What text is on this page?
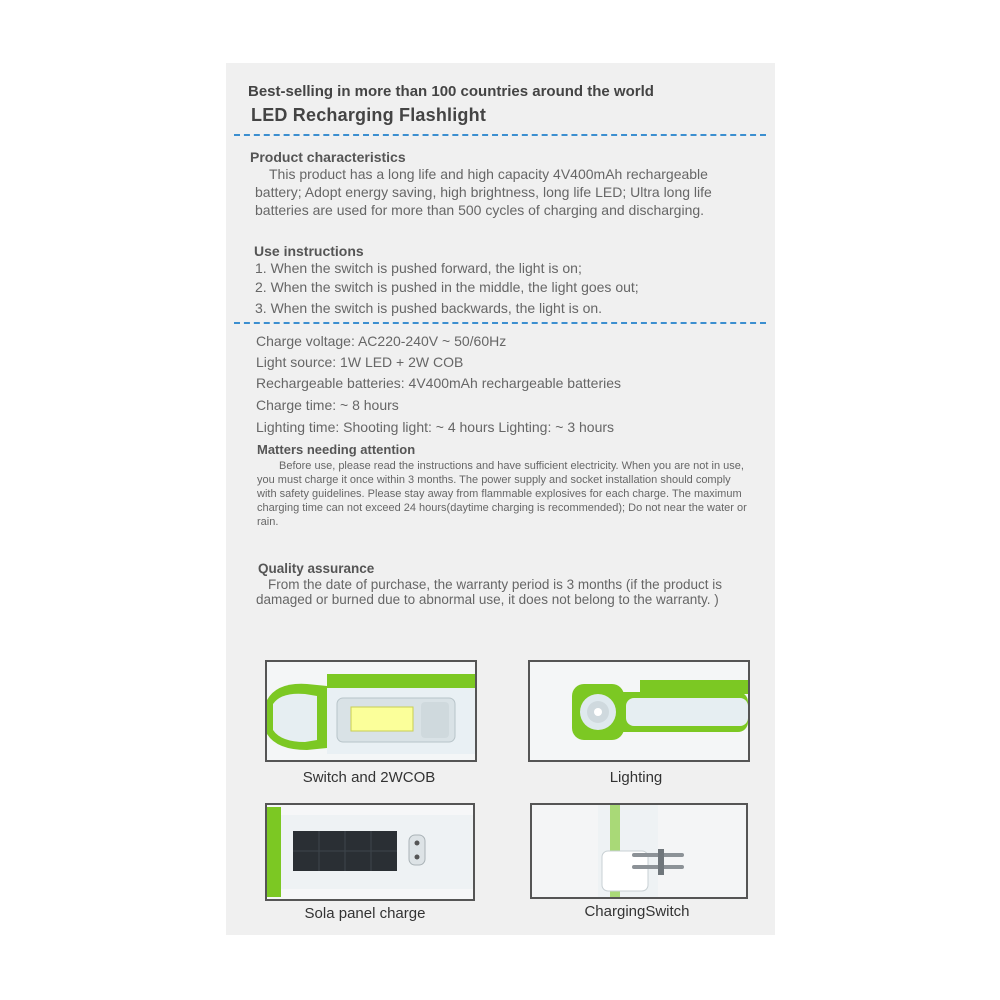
Best-selling in more than 100 countries around the world
LED Recharging Flashlight
Product characteristics
This product has a long life and high capacity 4V400mAh rechargeable battery; Adopt energy saving, high brightness, long life LED; Ultra long life batteries are used for more than 500 cycles of charging and discharging.
Use instructions
1. When the switch is pushed forward, the light is on;
2. When the switch is pushed in the middle, the light goes out;
3. When the switch is pushed backwards, the light is on.
Charge voltage: AC220-240V ~ 50/60Hz
Light source: 1W LED + 2W COB
Rechargeable batteries: 4V400mAh rechargeable batteries
Charge time: ~ 8 hours
Lighting time: Shooting light: ~ 4 hours Lighting: ~ 3 hours
Matters needing attention
Before use, please read the instructions and have sufficient electricity. When you are not in use, you must charge it once within 3 months. The power supply and socket installation should comply with safety guidelines. Please stay away from flammable explosives for each charge. The maximum charging time can not exceed 24 hours(daytime charging is recommended); Do not near the water or rain.
Quality assurance
From the date of purchase, the warranty period is 3 months (if the product is damaged or burned due to abnormal use, it does not belong to the warranty. )
Switch and 2WCOB	Lighting
Sola panel charge	ChargingSwitch
